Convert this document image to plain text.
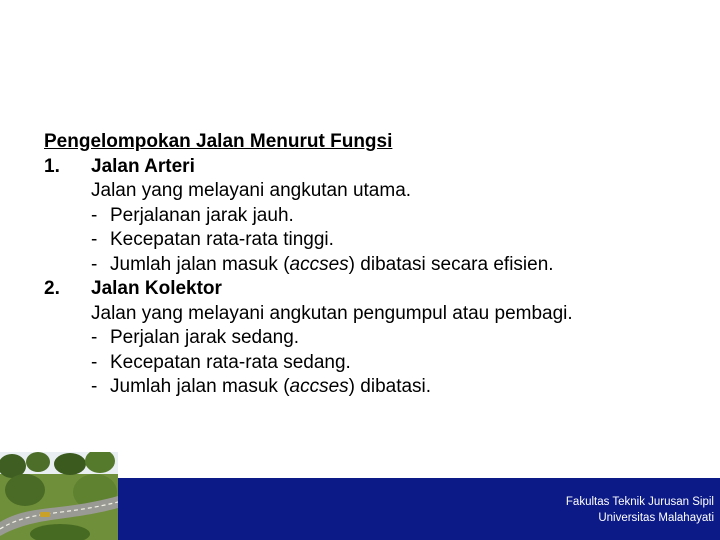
Pengelompokan Jalan Menurut Fungsi
1.	Jalan Arteri
Jalan yang melayani angkutan utama.
- Perjalanan jarak jauh.
- Kecepatan rata-rata tinggi.
- Jumlah jalan masuk (accses) dibatasi secara efisien.
2.	Jalan Kolektor
Jalan yang melayani angkutan pengumpul atau pembagi.
- Perjalan jarak sedang.
- Kecepatan rata-rata sedang.
- Jumlah jalan masuk (accses) dibatasi.
Fakultas Teknik Jurusan Sipil
Universitas Malahayati
